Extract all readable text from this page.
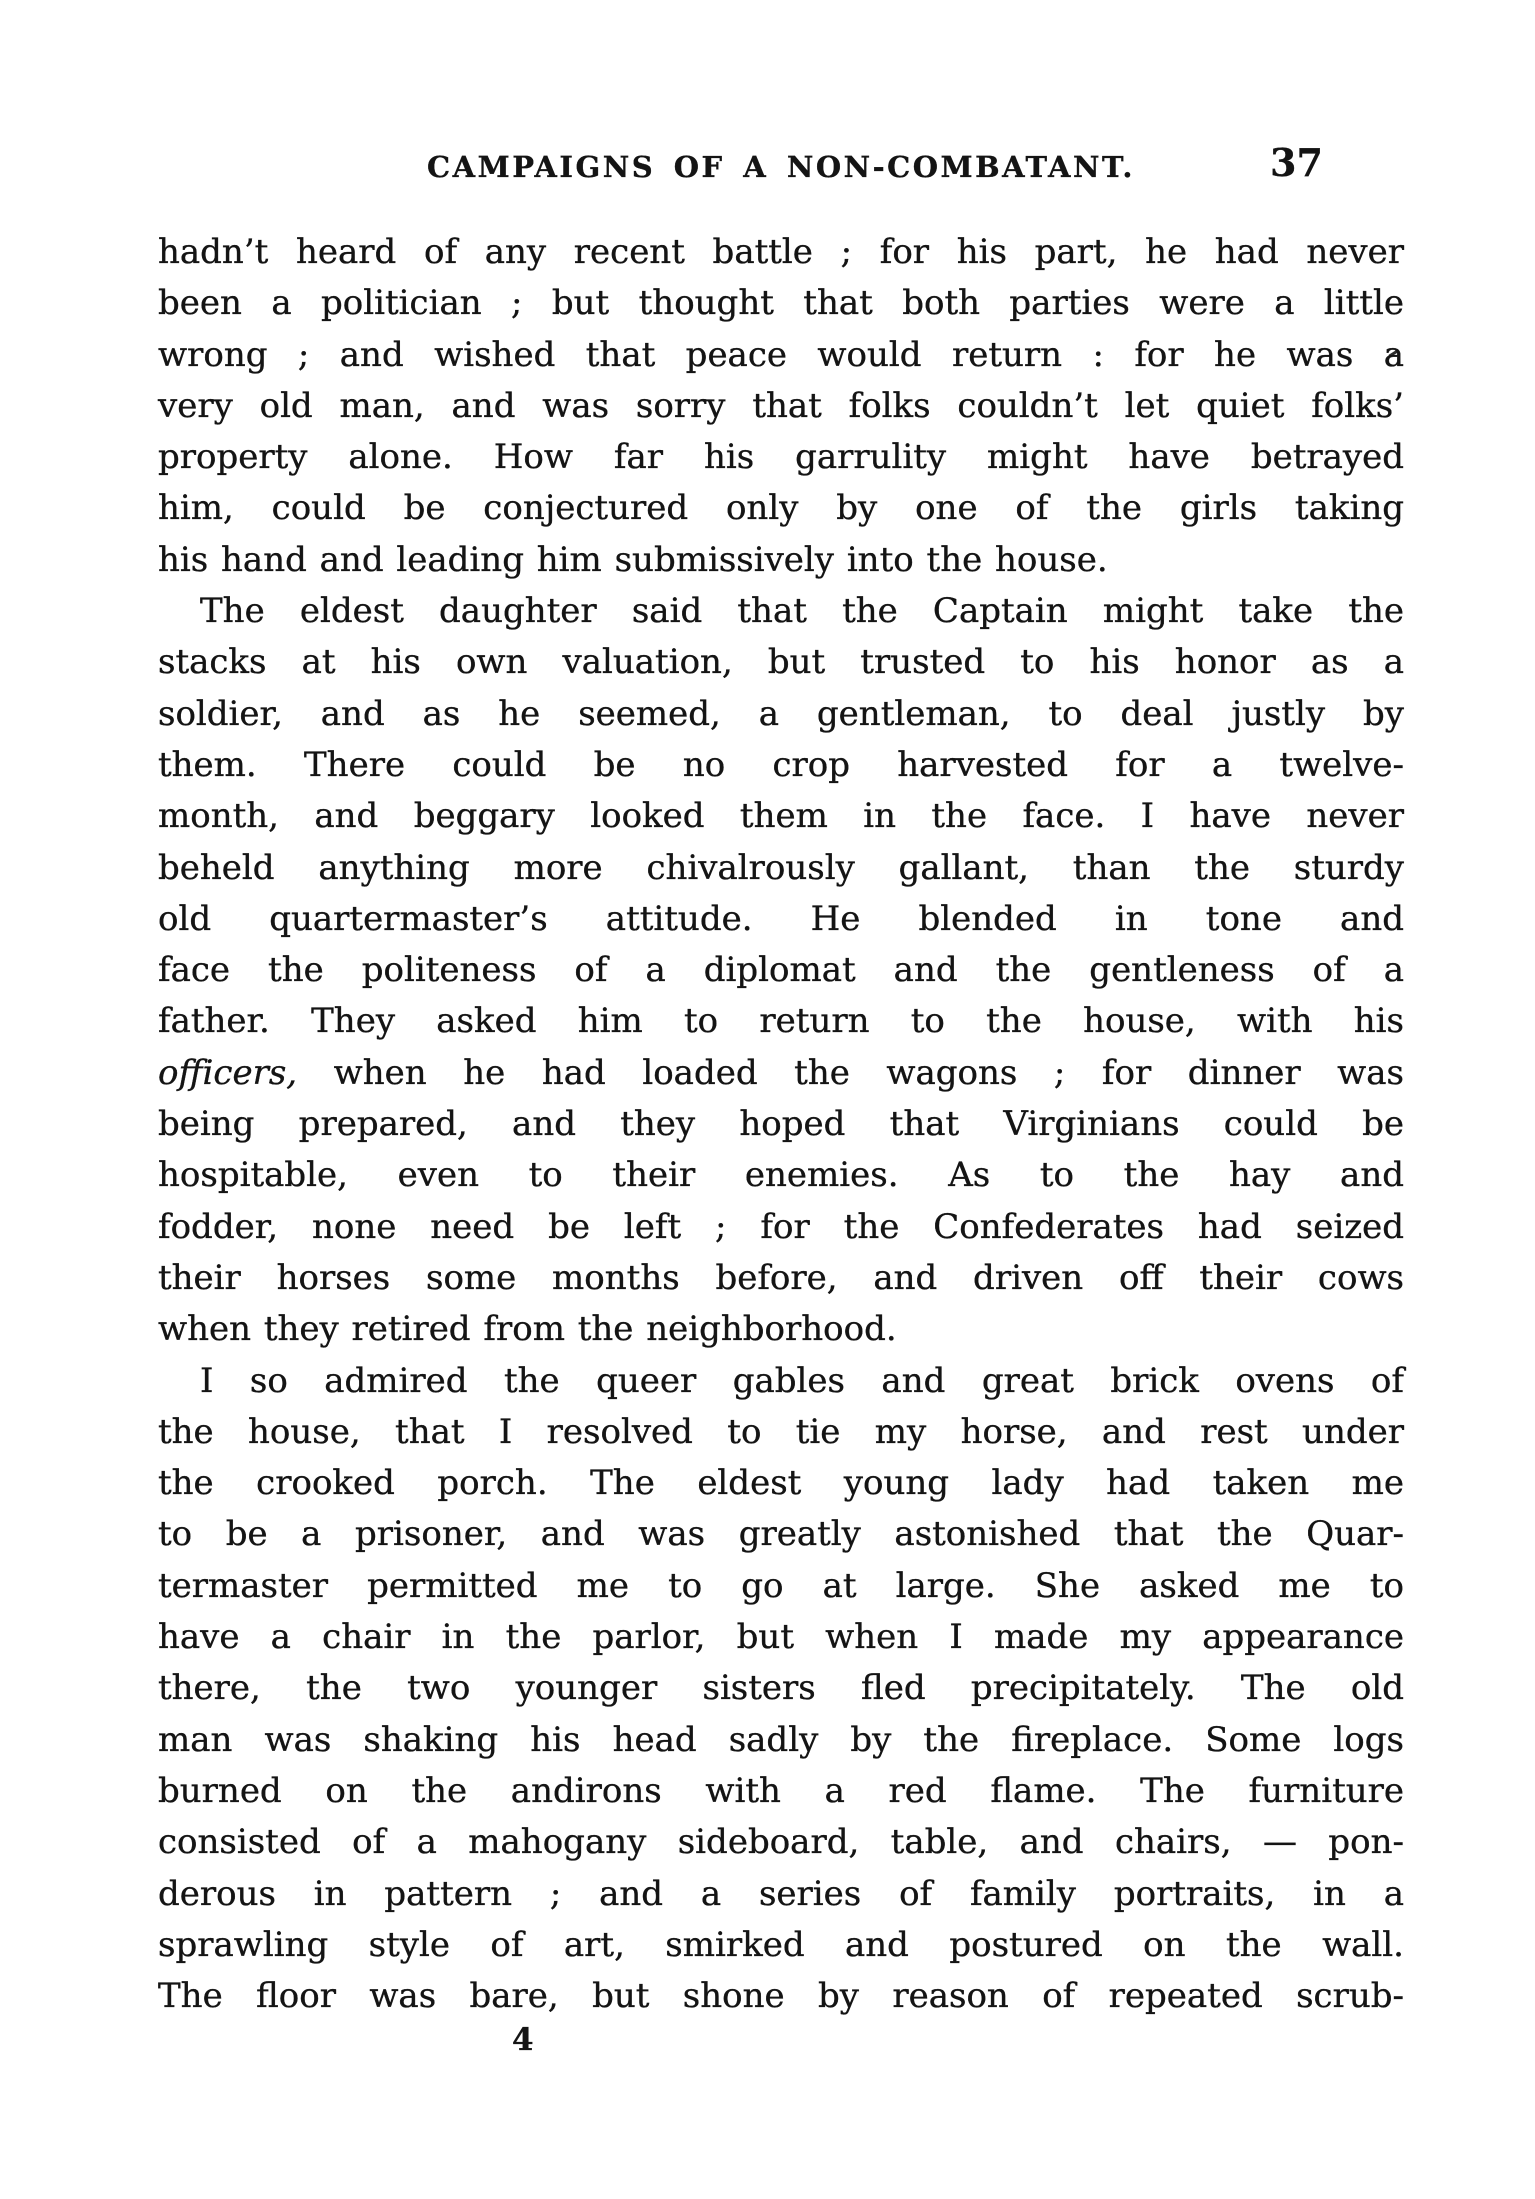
CAMPAIGNS OF A NON-COMBATANT.	37
hadn’t heard of any recent battle ; for his part, he had never
been a politician ; but thought that both parties were a little
wrong ; and wished that peace would return : for he was a
very old man, and was sorry that folks couldn’t let quiet folks’
property alone. How far his garrulity might have betrayed
him, could be conjectured only by one of the girls taking
his hand and leading him submissively into the house.
The eldest daughter said that the Captain might take the
stacks at his own valuation, but trusted to his honor as a
soldier, and as he seemed, a gentleman, to deal justly by
them. There could be no crop harvested for a twelve-
month, and beggary looked them in the face. I have never
beheld anything more chivalrously gallant, than the sturdy
old quartermaster’s attitude. He blended in tone and
face the politeness of a diplomat and the gentleness of a
father. They asked him to return to the house, with his
officers, when he had loaded the wagons ; for dinner was
being prepared, and they hoped that Virginians could be
hospitable, even to their enemies. As to the hay and
fodder, none need be left ; for the Confederates had seized
their horses some months before, and driven off their cows
when they retired from the neighborhood.
I so admired the queer gables and great brick ovens of
the house, that I resolved to tie my horse, and rest under
the crooked porch. The eldest young lady had taken me
to be a prisoner, and was greatly astonished that the Quar-
termaster permitted me to go at large. She asked me to
have a chair in the parlor, but when I made my appearance
there, the two younger sisters fled precipitately. The old
man was shaking his head sadly by the fireplace. Some logs
burned on the andirons with a red flame. The furniture
consisted of a mahogany sideboard, table, and chairs, — pon-
derous in pattern ; and a series of family portraits, in a
sprawling style of art, smirked and postured on the wall.
The floor was bare, but shone by reason of repeated scrub-
4
